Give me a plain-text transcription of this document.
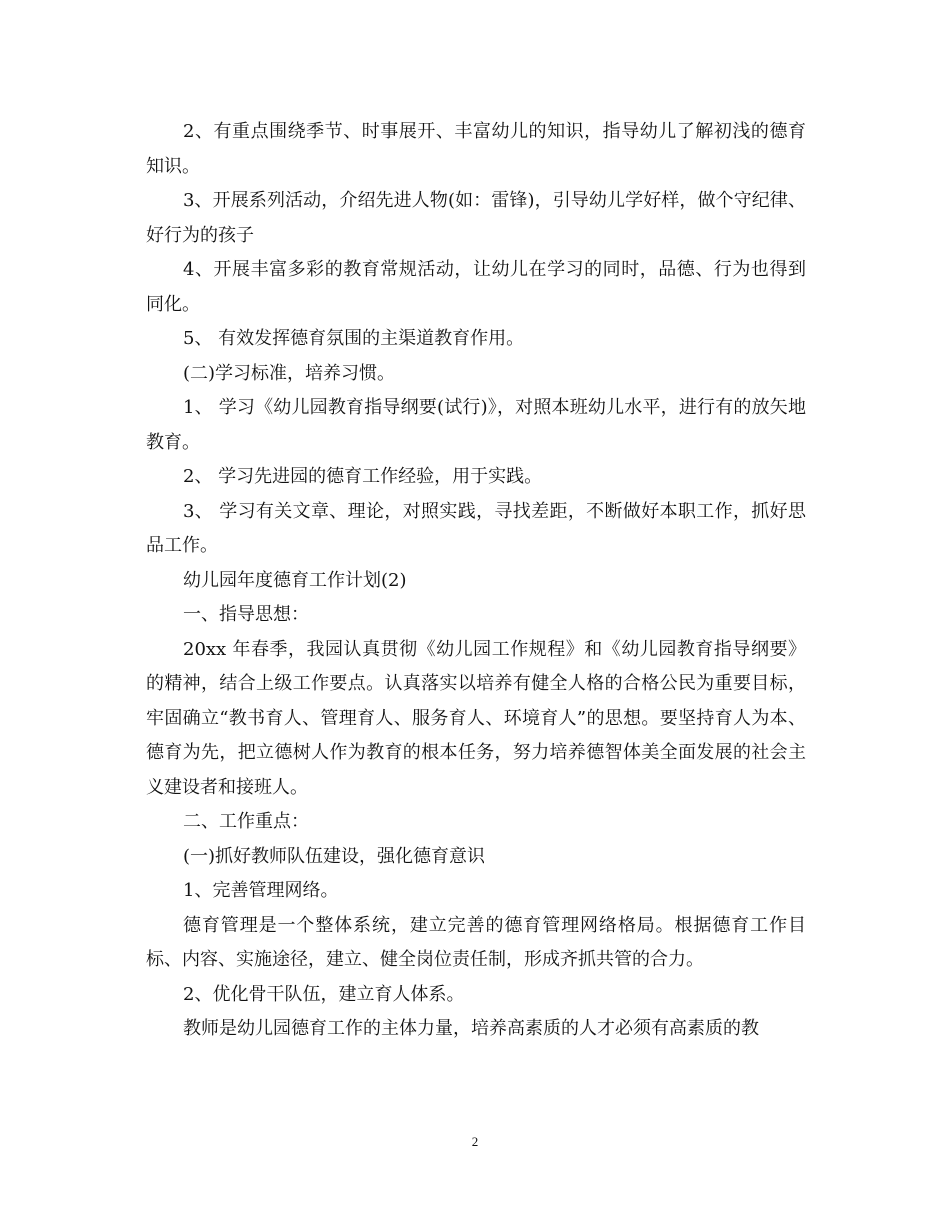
2、有重点围绕季节、时事展开、丰富幼儿的知识，指导幼儿了解初浅的德育知识。

3、开展系列活动，介绍先进人物(如：雷锋)，引导幼儿学好样，做个守纪律、好行为的孩子

4、开展丰富多彩的教育常规活动，让幼儿在学习的同时，品德、行为也得到同化。

5、 有效发挥德育氛围的主渠道教育作用。

(二)学习标准，培养习惯。

1、 学习《幼儿园教育指导纲要(试行)》，对照本班幼儿水平，进行有的放矢地教育。

2、 学习先进园的德育工作经验，用于实践。

3、 学习有关文章、理论，对照实践，寻找差距，不断做好本职工作，抓好思品工作。

幼儿园年度德育工作计划(2)

一、指导思想：

20xx 年春季，我园认真贯彻《幼儿园工作规程》和《幼儿园教育指导纲要》的精神，结合上级工作要点。认真落实以培养有健全人格的合格公民为重要目标，牢固确立“教书育人、管理育人、服务育人、环境育人”的思想。要坚持育人为本、德育为先，把立德树人作为教育的根本任务，努力培养德智体美全面发展的社会主义建设者和接班人。

二、工作重点：

(一)抓好教师队伍建设，强化德育意识

1、完善管理网络。

德育管理是一个整体系统，建立完善的德育管理网络格局。根据德育工作目标、内容、实施途径，建立、健全岗位责任制，形成齐抓共管的合力。

2、优化骨干队伍，建立育人体系。

教师是幼儿园德育工作的主体力量，培养高素质的人才必须有高素质的教

2
